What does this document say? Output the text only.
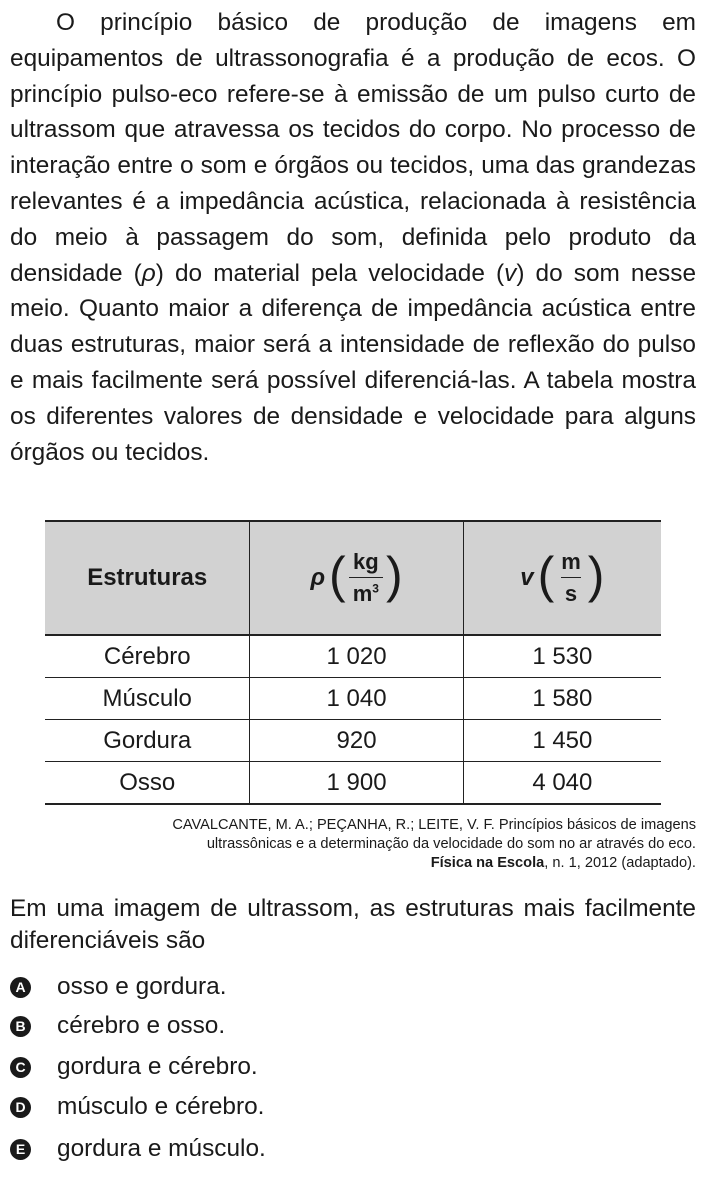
O princípio básico de produção de imagens em equipamentos de ultrassonografia é a produção de ecos. O princípio pulso-eco refere-se à emissão de um pulso curto de ultrassom que atravessa os tecidos do corpo. No processo de interação entre o som e órgãos ou tecidos, uma das grandezas relevantes é a impedância acústica, relacionada à resistência do meio à passagem do som, definida pelo produto da densidade (ρ) do material pela velocidade (v) do som nesse meio. Quanto maior a diferença de impedância acústica entre duas estruturas, maior será a intensidade de reflexão do pulso e mais facilmente será possível diferenciá-las. A tabela mostra os diferentes valores de densidade e velocidade para alguns órgãos ou tecidos.
Estruturas	ρ ( $\frac{kg}{m^3}$ )	v ( $\frac{m}{s}$ )

Cérebro	1 020	1 530
Músculo	1 040	1 580
Gordura	920	1 450
Osso	1 900	4 040
CAVALCANTE, M. A.; PEÇANHA, R.; LEITE, V. F. Princípios básicos de imagens
ultrassônicas e a determinação da velocidade do som no ar através do eco.
Física na Escola, n. 1, 2012 (adaptado).
Em uma imagem de ultrassom, as estruturas mais facilmente diferenciáveis são
A osso e gordura.
B cérebro e osso.
C gordura e cérebro.
D músculo e cérebro.
E gordura e músculo.
